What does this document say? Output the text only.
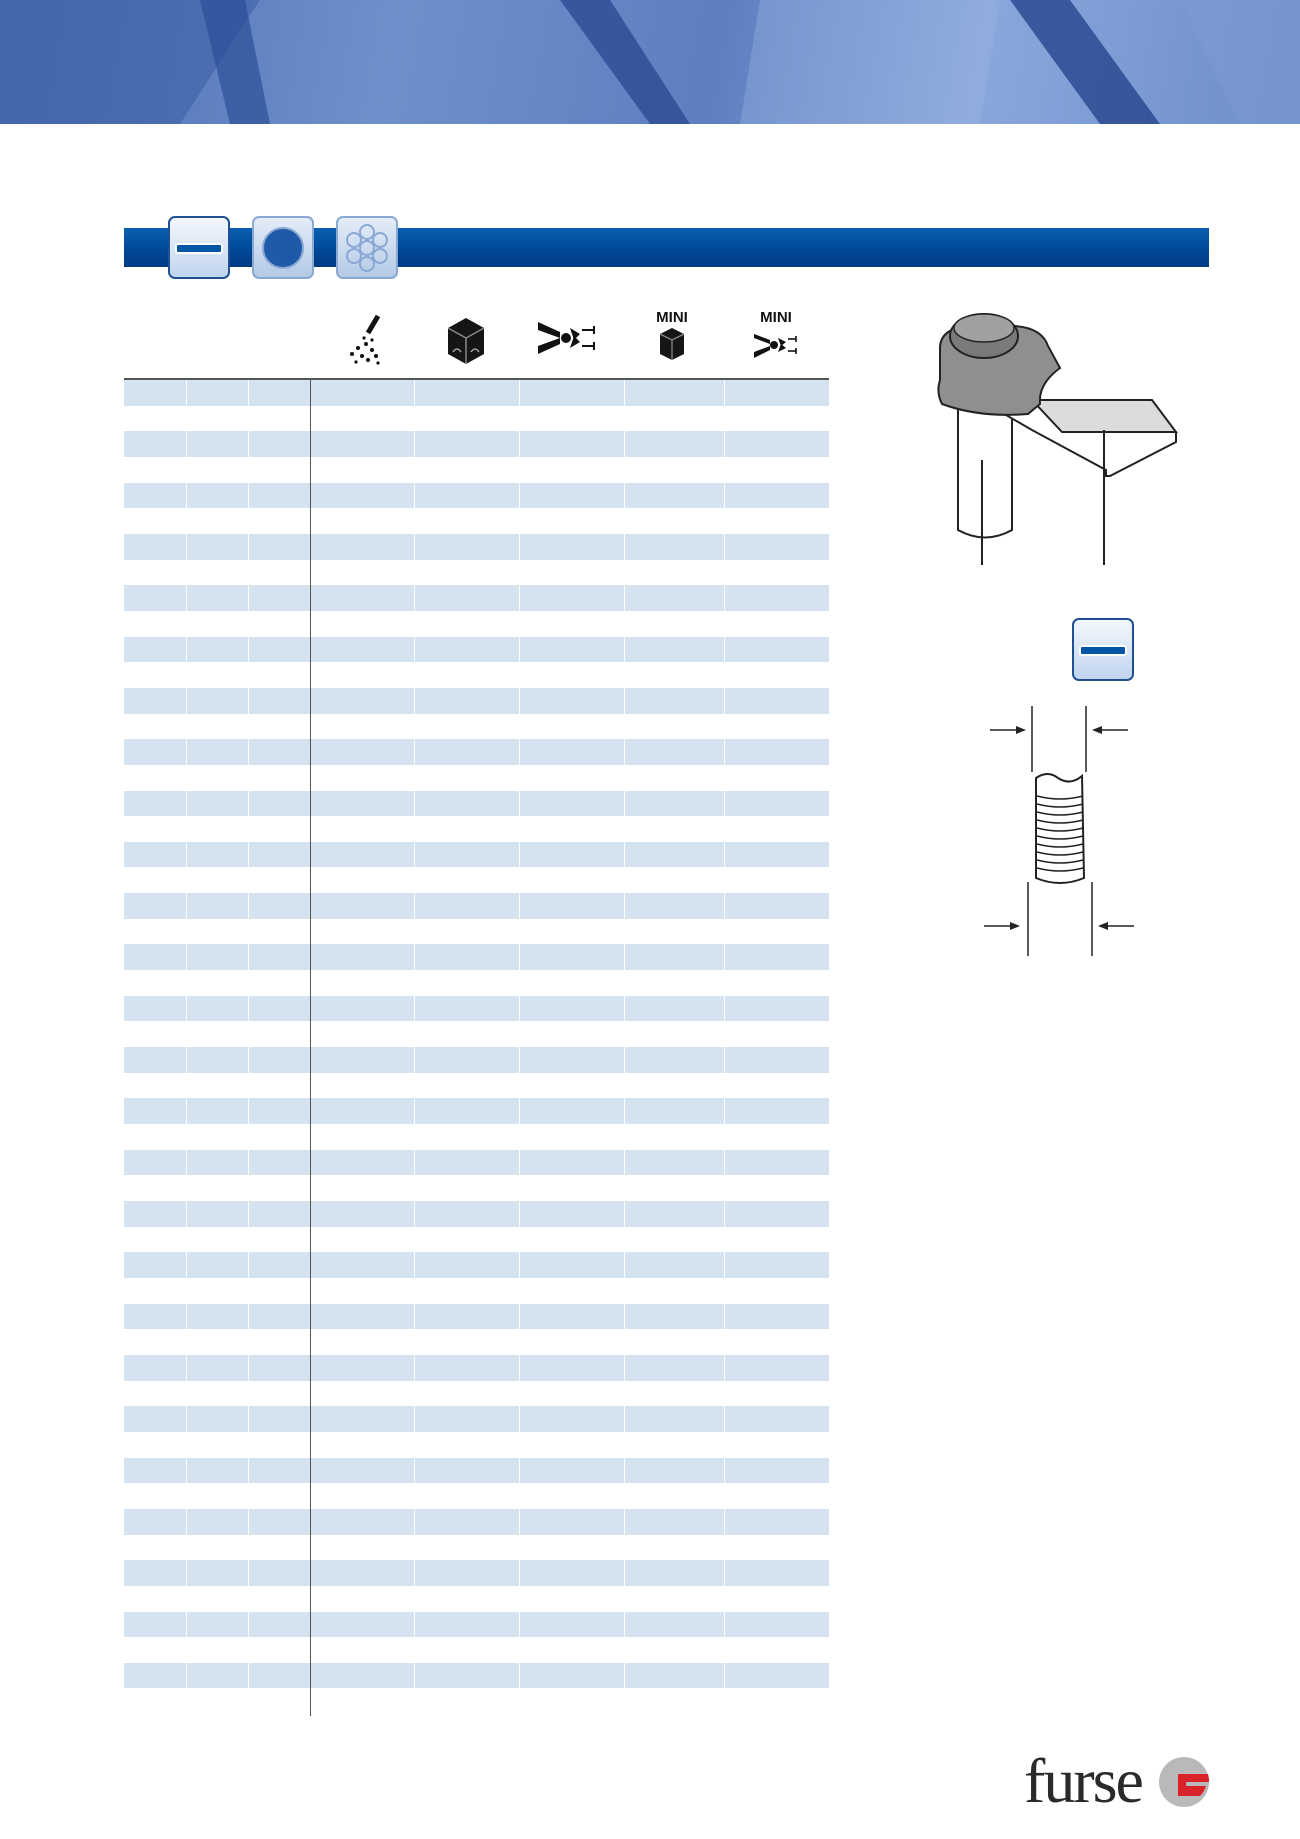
MINI	MINI
furse
